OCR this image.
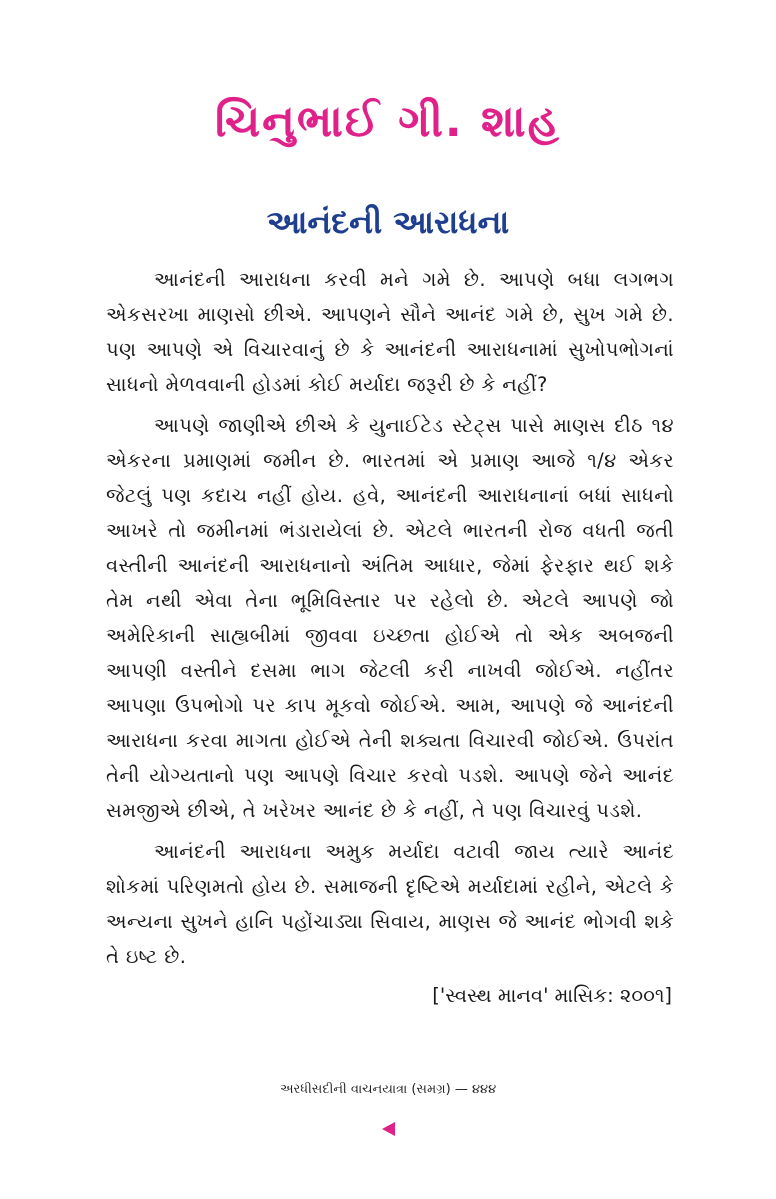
ચિનુભાઈ ગી. શાહ
આનંદની આરાધના

આનંદની આરાધના કરવી મને ગમે છે. આપણે બધા લગભગ એકસરખા માણસો છીએ. આપણને સૌને આનંદ ગમે છે, સુખ ગમે છે. પણ આપણે એ વિચારવાનું છે કે આનંદની આરાધનામાં સુખોપભોગનાં સાધનો મેળવવાની હોડમાં કોઈ મર્યાદા જરૂરી છે કે નહીં?

આપણે જાણીએ છીએ કે યુનાઈટેડ સ્ટેટ્સ પાસે માણસ દીઠ ૧૪ એકરના પ્રમાણમાં જમીન છે. ભારતમાં એ પ્રમાણ આજે ૧/૪ એકર જેટલું પણ કદાચ નહીં હોય. હવે, આનંદની આરાધનાનાં બધાં સાધનો આખરે તો જમીનમાં ભંડારાયેલાં છે. એટલે ભારતની રોજ વધતી જતી વસ્તીની આનંદની આરાધનાનો અંતિમ આધાર, જેમાં ફેરફાર થઈ શકે તેમ નથી એવા તેના ભૂમિવિસ્તાર પર રહેલો છે. એટલે આપણે જો અમેરિકાની સાહ્યબીમાં જીવવા ઇચ્છતા હોઈએ તો એક અબજની આપણી વસ્તીને દસમા ભાગ જેટલી કરી નાખવી જોઈએ. નહીંતર આપણા ઉપભોગો પર કાપ મૂકવો જોઈએ. આમ, આપણે જે આનંદની આરાધના કરવા માગતા હોઈએ તેની શક્યતા વિચારવી જોઈએ. ઉપરાંત તેની યોગ્યતાનો પણ આપણે વિચાર કરવો પડશે. આપણે જેને આનંદ સમજીએ છીએ, તે ખરેખર આનંદ છે કે નહીં, તે પણ વિચારવું પડશે.

આનંદની આરાધના અમુક મર્યાદા વટાવી જાય ત્યારે આનંદ શોકમાં પરિણમતો હોય છે. સમાજની દૃષ્ટિએ મર્યાદામાં રહીને, એટલે કે અન્યના સુખને હાનિ પહોંચાડ્યા સિવાય, માણસ જે આનંદ ભોગવી શકે તે ઇષ્ટ છે.

['સ્વસ્થ માનવ' માસિક: ૨૦૦૧]
અરધીસદીની વાચનયાત્રા (સમગ્ર) — ૪૪૪
